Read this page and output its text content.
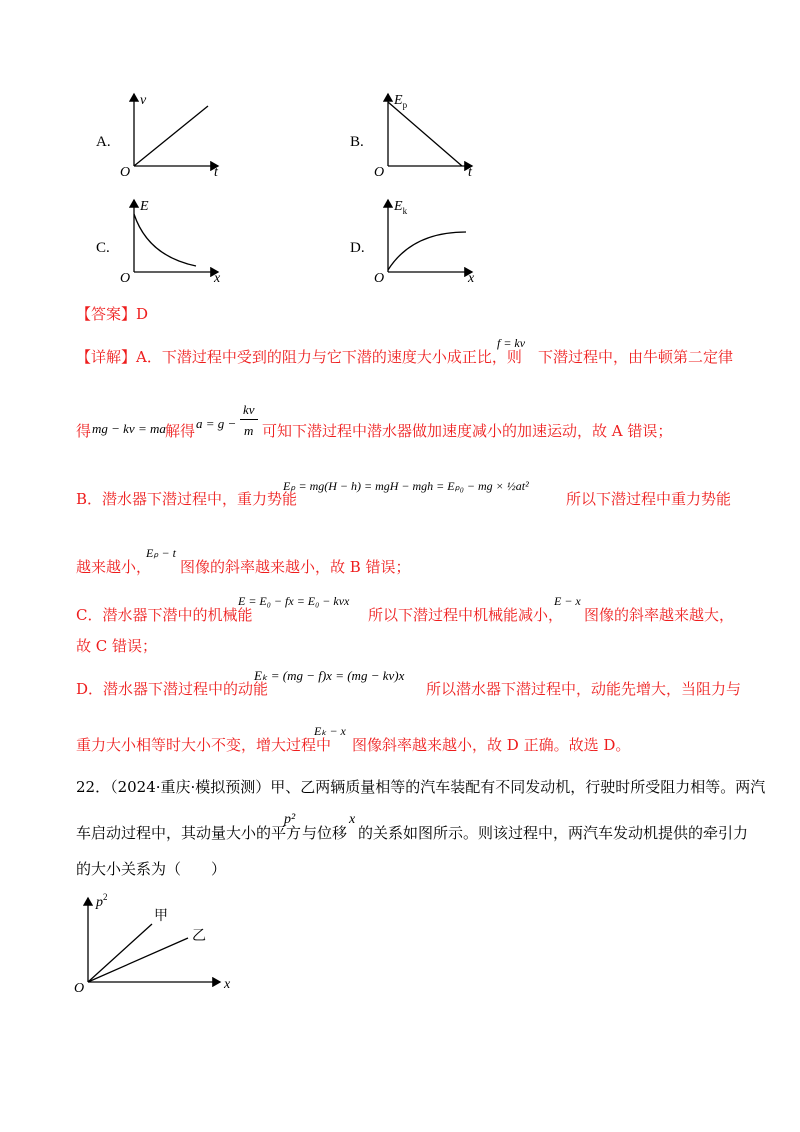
A.
v
t
O
B.
$E_p$
t
O
C.
E
x
O
D.
$E_k$
x
O
【答案】D
【详解】A．下潜过程中受到的阻力与它下潜的速度大小成正比，则
f = kv
下潜过程中，由牛顿第二定律
得 mg − kv = ma 解得 a = g −
kv
m 可知下潜过程中潜水器做加速度减小的加速运动，故 A 错误；
B．潜水器下潜过程中，重力势能
Eₚ = mg(H − h) = mgH − mgh = Eₚ₀ − mg × ½at²
所以下潜过程中重力势能
越来越小，
Eₚ − t
图像的斜率越来越小，故 B 错误；
C．潜水器下潜中的机械能
E = E₀ − fx = E₀ − kvx
所以下潜过程中机械能减小，
E − x
图像的斜率越来越大，
故 C 错误；
D．潜水器下潜过程中的动能
Eₖ = (mg − f)x = (mg − kv)x
所以潜水器下潜过程中，动能先增大，当阻力与
重力大小相等时大小不变，增大过程中
Eₖ − x
图像斜率越来越小，故 D 正确。故选 D。
22．（2024·重庆·模拟预测）甲、乙两辆质量相等的汽车装配有不同发动机，行驶时所受阻力相等。两汽
车启动过程中，其动量大小的平方
p²
与位移
x
的关系如图所示。则该过程中，两汽车发动机提供的牵引力
的大小关系为（　　）
$p^2$
x
O
甲
乙
